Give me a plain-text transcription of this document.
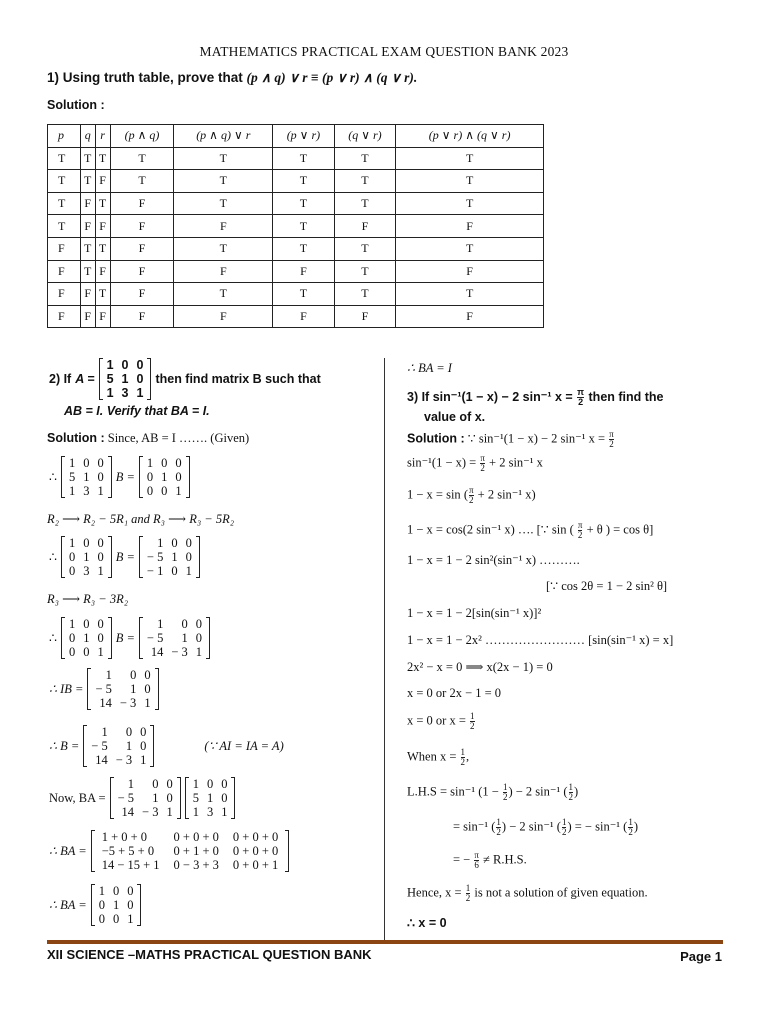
MATHEMATICS PRACTICAL EXAM QUESTION BANK 2023
1) Using truth table, prove that (p ∧ q) ∨ r ≡ (p ∨ r) ∧ (q ∨ r).
Solution :
p	q	r	(p ∧ q)	(p ∧ q) ∨ r	(p ∨ r)	(q ∨ r)	(p ∨ r) ∧ (q ∨ r)
T	T	T	T	T	T	T	T
T	T	F	T	T	T	T	T
T	F	T	F	T	T	T	T
T	F	F	F	F	T	F	F
F	T	T	F	T	T	T	T
F	T	F	F	F	F	T	F
F	F	T	F	T	T	T	T
F	F	F	F	F	F	F	F
2) If A =
1	0	0
5	1	0
1	3	1
then find matrix B such that
AB = I. Verify that BA = I.
Solution : Since, AB = I ……. (Given)
∴
1	0	0
5	1	0
1	3	1
B =
1	0	0
0	1	0
0	0	1
R₂ ⟶ R₂ − 5R₁ and R₃ ⟶ R₃ − 5R₂
∴
1	0	0
0	1	0
0	3	1
B =
1	0	0
− 5	1	0
− 1	0	1
R₃ ⟶ R₃ − 3R₂
∴
1	0	0
0	1	0
0	0	1
B =
1	0	0
− 5	1	0
14	− 3	1
∴ IB =
1	0	0
− 5	1	0
14	− 3	1
∴ B =
1	0	0
− 5	1	0
14	− 3	1
(∵ AI = IA = A)
Now, BA =
1	0	0
− 5	1	0
14	− 3	1
1	0	0
5	1	0
1	3	1
∴ BA =
1 + 0 + 0	0 + 0 + 0	0 + 0 + 0
−5 + 5 + 0	0 + 1 + 0	0 + 0 + 0
14 − 15 + 1	0 − 3 + 3	0 + 0 + 1
∴ BA =
1	0	0
0	1	0
0	0	1
∴ BA = I
3) If sin⁻¹(1 − x) − 2 sin⁻¹ $x = \frac{\pi}{2}$ then find the
value of x.
Solution : ∵ sin⁻¹(1 − x) − 2 sin⁻¹ $x = \frac{\pi}{2}$
$\sin^{-1}(1 - x) = \frac{\pi}{2} + 2$ sin⁻¹ x
1 − x = sin ( $\frac{\pi}{2} + 2$ sin⁻¹ x)
1 − x = cos(2 sin⁻¹ x) …. [∵ sin ( $\frac{\pi}{2} + \theta$ ) = cos θ]
1 − x = 1 − 2 sin²(sin⁻¹ x) ……….
[∵ cos 2θ = 1 − 2 sin² θ]
1 − x = 1 − 2[sin(sin⁻¹ x)]²
1 − x = 1 − 2x² …………………… [sin(sin⁻¹ x) = x]
2x² − x = 0 ⟹ x(2x − 1) = 0
x = 0 or 2x − 1 = 0
x = 0 or $x = \frac{1}{2}$
When $x = \frac{1}{2}$ ,
L.H.S = sin⁻¹ ($1 - \frac{1}{2}$ ) − 2 sin⁻¹ ( $\frac{1}{2}$ )
= sin⁻¹ ( $\frac{1}{2}$ ) − 2 sin⁻¹ ( $\frac{1}{2}$ ) = − sin⁻¹ ( $\frac{1}{2}$ )
= − $\frac{\pi}{6} \ne R.H.S$.
Hence, $x = \frac{1}{2}$ is not a solution of given equation.
∴ x = 0
XII SCIENCE –MATHS PRACTICAL QUESTION BANK	Page 1
